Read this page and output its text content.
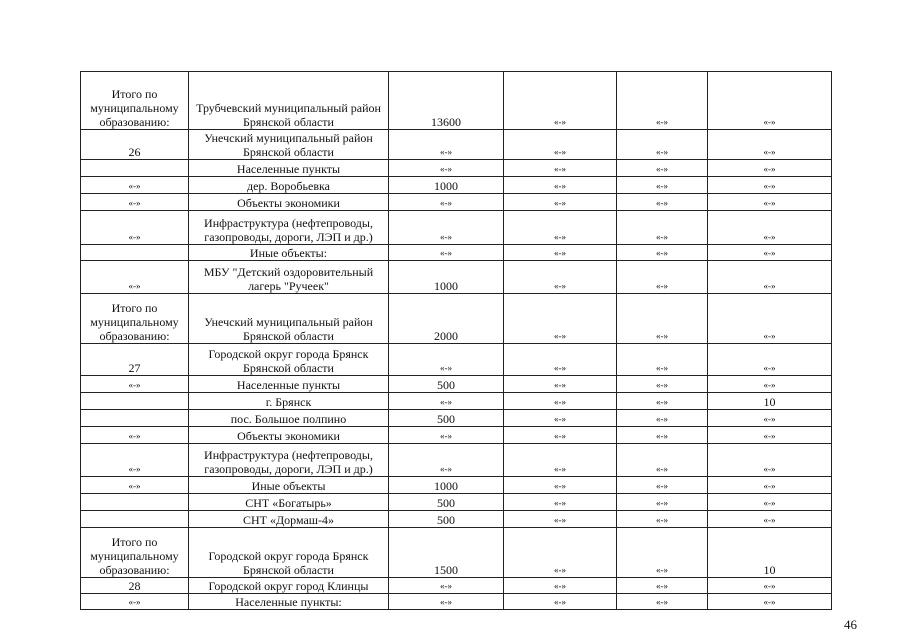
Итого по муниципальному образованию:	Трубчевский муниципальный район Брянской области	13600	«-»	«-»	«-»
26	Унечский муниципальный район Брянской области	«-»	«-»	«-»	«-»
	Населенные пункты	«-»	«-»	«-»	«-»
«-»	дер. Воробьевка	1000	«-»	«-»	«-»
«-»	Объекты экономики	«-»	«-»	«-»	«-»
«-»	Инфраструктура (нефтепроводы, газопроводы, дороги, ЛЭП и др.)	«-»	«-»	«-»	«-»
	Иные объекты:	«-»	«-»	«-»	«-»
«-»	МБУ "Детский оздоровительный лагерь "Ручеек"	1000	«-»	«-»	«-»
Итого по муниципальному образованию:	Унечский муниципальный район Брянской области	2000	«-»	«-»	«-»
27	Городской округ города Брянск Брянской области	«-»	«-»	«-»	«-»
«-»	Населенные пункты	500	«-»	«-»	«-»
	г. Брянск	«-»	«-»	«-»	10
	пос. Большое полпино	500	«-»	«-»	«-»
«-»	Объекты экономики	«-»	«-»	«-»	«-»
«-»	Инфраструктура (нефтепроводы, газопроводы, дороги, ЛЭП и др.)	«-»	«-»	«-»	«-»
«-»	Иные объекты	1000	«-»	«-»	«-»
	СНТ «Богатырь»	500	«-»	«-»	«-»
	СНТ «Дормаш-4»	500	«-»	«-»	«-»
Итого по муниципальному образованию:	Городской округ города Брянск Брянской области	1500	«-»	«-»	10
28	Городской округ город Клинцы	«-»	«-»	«-»	«-»
«-»	Населенные пункты:	«-»	«-»	«-»	«-»
46
